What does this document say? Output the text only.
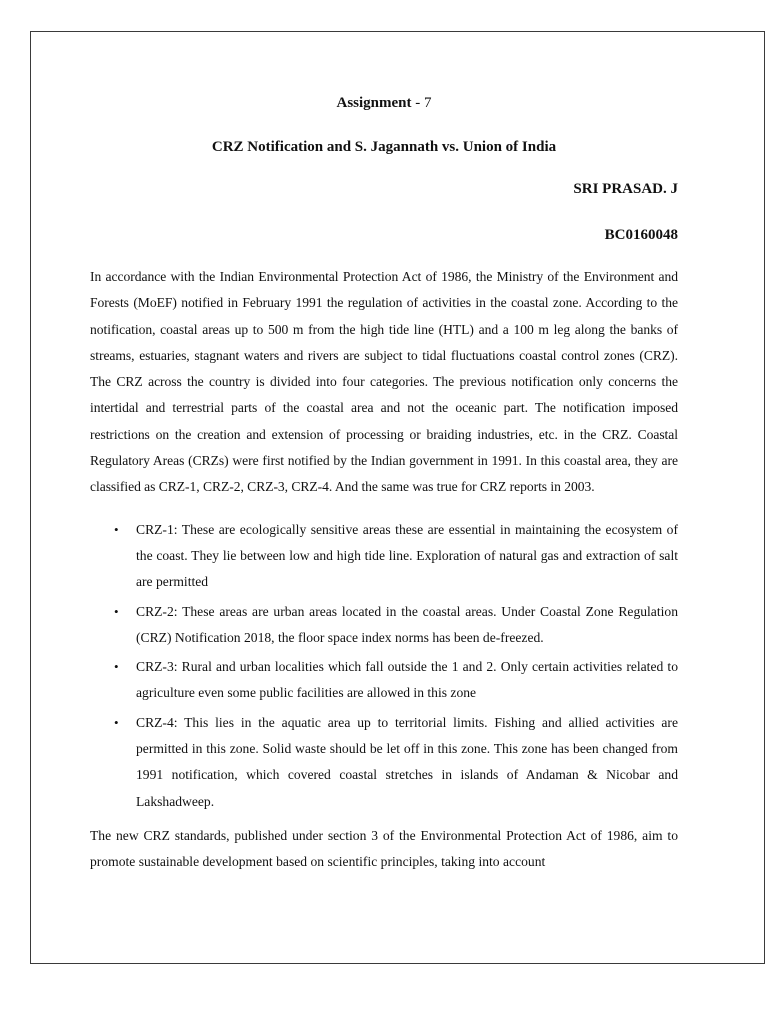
Assignment - 7

CRZ Notification and S. Jagannath vs. Union of India

SRI PRASAD. J

BC0160048

In accordance with the Indian Environmental Protection Act of 1986, the Ministry of the Environment and Forests (MoEF) notified in February 1991 the regulation of activities in the coastal zone. According to the notification, coastal areas up to 500 m from the high tide line (HTL) and a 100 m leg along the banks of streams, estuaries, stagnant waters and rivers are subject to tidal fluctuations coastal control zones (CRZ). The CRZ across the country is divided into four categories. The previous notification only concerns the intertidal and terrestrial parts of the coastal area and not the oceanic part. The notification imposed restrictions on the creation and extension of processing or braiding industries, etc. in the CRZ. Coastal Regulatory Areas (CRZs) were first notified by the Indian government in 1991. In this coastal area, they are classified as CRZ-1, CRZ-2, CRZ-3, CRZ-4. And the same was true for CRZ reports in 2003.

• CRZ-1: These are ecologically sensitive areas these are essential in maintaining the ecosystem of the coast. They lie between low and high tide line. Exploration of natural gas and extraction of salt are permitted
• CRZ-2: These areas are urban areas located in the coastal areas. Under Coastal Zone Regulation (CRZ) Notification 2018, the floor space index norms has been de-freezed.
• CRZ-3: Rural and urban localities which fall outside the 1 and 2. Only certain activities related to agriculture even some public facilities are allowed in this zone
• CRZ-4: This lies in the aquatic area up to territorial limits. Fishing and allied activities are permitted in this zone. Solid waste should be let off in this zone. This zone has been changed from 1991 notification, which covered coastal stretches in islands of Andaman & Nicobar and Lakshadweep.

The new CRZ standards, published under section 3 of the Environmental Protection Act of 1986, aim to promote sustainable development based on scientific principles, taking into account
